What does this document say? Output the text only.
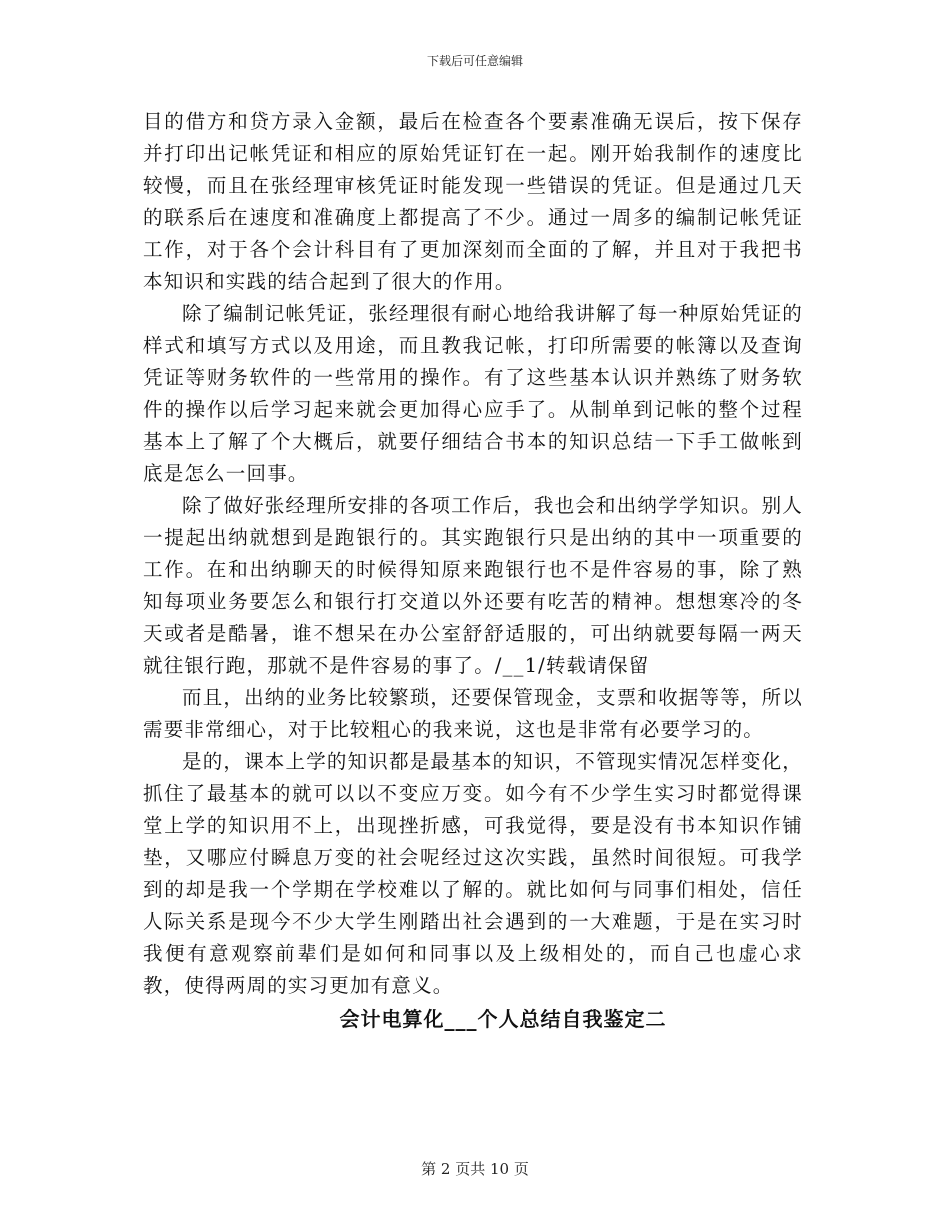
下载后可任意编辑

目的借方和贷方录入金额，最后在检查各个要素准确无误后，按下保存并打印出记帐凭证和相应的原始凭证钉在一起。刚开始我制作的速度比较慢，而且在张经理审核凭证时能发现一些错误的凭证。但是通过几天的联系后在速度和准确度上都提高了不少。通过一周多的编制记帐凭证工作，对于各个会计科目有了更加深刻而全面的了解，并且对于我把书本知识和实践的结合起到了很大的作用。

除了编制记帐凭证，张经理很有耐心地给我讲解了每一种原始凭证的样式和填写方式以及用途，而且教我记帐，打印所需要的帐簿以及查询凭证等财务软件的一些常用的操作。有了这些基本认识并熟练了财务软件的操作以后学习起来就会更加得心应手了。从制单到记帐的整个过程基本上了解了个大概后，就要仔细结合书本的知识总结一下手工做帐到底是怎么一回事。

除了做好张经理所安排的各项工作后，我也会和出纳学学知识。别人一提起出纳就想到是跑银行的。其实跑银行只是出纳的其中一项重要的工作。在和出纳聊天的时候得知原来跑银行也不是件容易的事，除了熟知每项业务要怎么和银行打交道以外还要有吃苦的精神。想想寒冷的冬天或者是酷暑，谁不想呆在办公室舒舒适服的，可出纳就要每隔一两天就往银行跑，那就不是件容易的事了。/__1/转载请保留

而且，出纳的业务比较繁琐，还要保管现金，支票和收据等等，所以需要非常细心，对于比较粗心的我来说，这也是非常有必要学习的。

是的，课本上学的知识都是最基本的知识，不管现实情况怎样变化，抓住了最基本的就可以以不变应万变。如今有不少学生实习时都觉得课堂上学的知识用不上，出现挫折感，可我觉得，要是没有书本知识作铺垫，又哪应付瞬息万变的社会呢经过这次实践，虽然时间很短。可我学到的却是我一个学期在学校难以了解的。就比如何与同事们相处，信任人际关系是现今不少大学生刚踏出社会遇到的一大难题，于是在实习时我便有意观察前辈们是如何和同事以及上级相处的，而自己也虚心求教，使得两周的实习更加有意义。

会计电算化___个人总结自我鉴定二

第 2 页共 10 页
